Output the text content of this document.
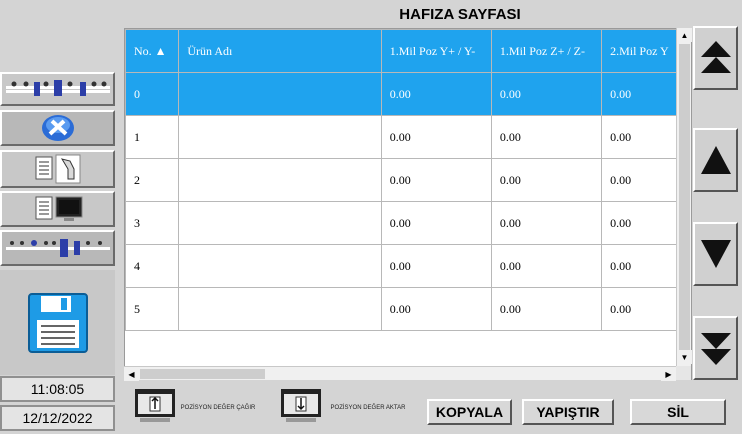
HAFIZA SAYFASI
11:08:05
12/12/2022
No. ▲	Ürün Adı	1.Mil Poz Y+ / Y-	1.Mil Poz Z+ / Z-	2.Mil Poz Y
0		0.00	0.00	0.00
1		0.00	0.00	0.00
2		0.00	0.00	0.00
3		0.00	0.00	0.00
4		0.00	0.00	0.00
5		0.00	0.00	0.00
▲
▼
◀	▶
POZİSYON DEĞER ÇAĞIR	POZİSYON DEĞER AKTAR	KOPYALA	YAPIŞTIR	SİL
